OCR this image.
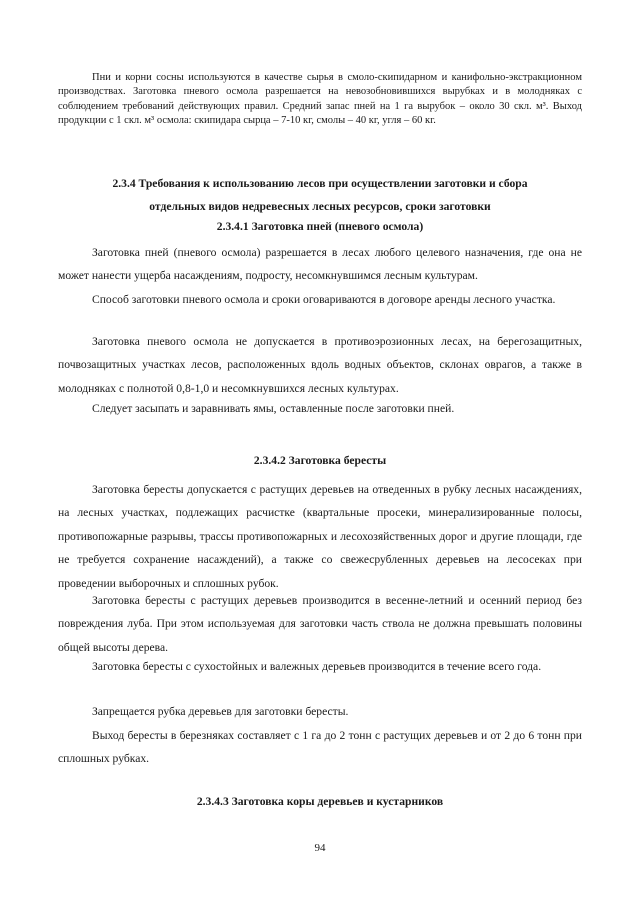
Пни и корни сосны используются в качестве сырья в смоло-скипидарном и канифольно-экстракционном производствах. Заготовка пневого осмола разрешается на невозобновившихся вырубках и в молодняках с соблюдением требований действующих правил. Средний запас пней на 1 га вырубок – около 30 скл. м³. Выход продукции с 1 скл. м³ осмола: скипидара сырца – 7-10 кг, смолы – 40 кг, угля – 60 кг.

2.3.4 Требования к использованию лесов при осуществлении заготовки и сбора

отдельных видов недревесных лесных ресурсов, сроки заготовки

2.3.4.1 Заготовка пней (пневого осмола)

Заготовка пней (пневого осмола) разрешается в лесах любого целевого назначения, где она не может нанести ущерба насаждениям, подросту, несомкнувшимся лесным культурам.

Способ заготовки пневого осмола и сроки оговариваются в договоре аренды лесного участка.

Заготовка пневого осмола не допускается в противоэрозионных лесах, на берегозащитных, почвозащитных участках лесов, расположенных вдоль водных объектов, склонах оврагов, а также в молодняках с полнотой 0,8-1,0 и несомкнувшихся лесных культурах.

Следует засыпать и заравнивать ямы, оставленные после заготовки пней.

2.3.4.2 Заготовка бересты

Заготовка бересты допускается с растущих деревьев на отведенных в рубку лесных насаждениях, на лесных участках, подлежащих расчистке (квартальные просеки, минерализированные полосы, противопожарные разрывы, трассы противопожарных и лесохозяйственных дорог и другие площади, где не требуется сохранение насаждений), а также со свежесрубленных деревьев на лесосеках при проведении выборочных и сплошных рубок.

Заготовка бересты с растущих деревьев производится в весенне-летний и осенний период без повреждения луба. При этом используемая для заготовки часть ствола не должна превышать половины общей высоты дерева.

Заготовка бересты с сухостойных и валежных деревьев производится в течение всего года.

Запрещается рубка деревьев для заготовки бересты.

Выход бересты в березняках составляет с 1 га до 2 тонн с растущих деревьев и от 2 до 6 тонн при сплошных рубках.

2.3.4.3 Заготовка коры деревьев и кустарников

94
